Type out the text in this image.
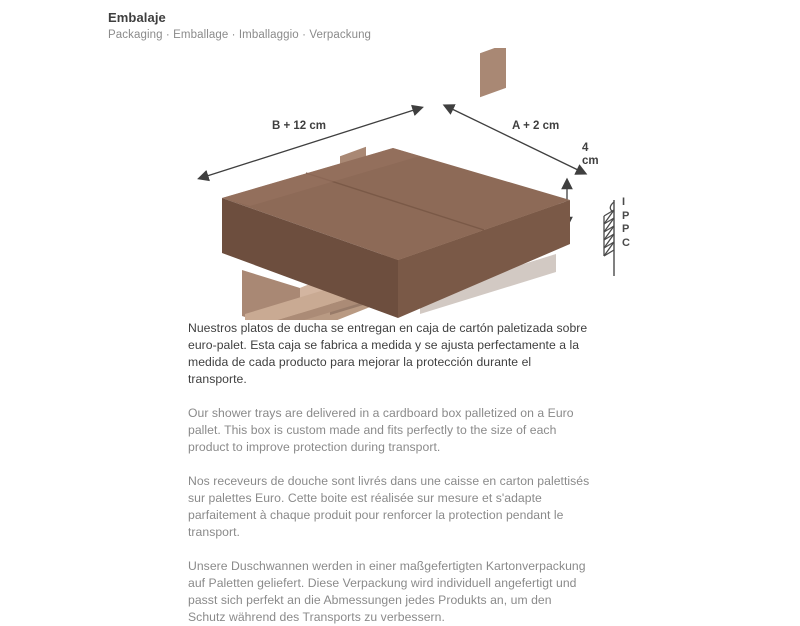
Embalaje
Packaging · Emballage · Imballaggio · Verpackung
B + 12 cm	A + 2 cm
4
cm
I
P
P
C

Nuestros platos de ducha se entregan en caja de cartón paletizada sobre euro-palet. Esta caja se fabrica a medida y se ajusta perfectamente a la medida de cada producto para mejorar la protección durante el transporte.

Our shower trays are delivered in a cardboard box palletized on a Euro pallet. This box is custom made and fits perfectly to the size of each product to improve protection during transport.

Nos receveurs de douche sont livrés dans une caisse en carton palettisés sur palettes Euro. Cette boite est réalisée sur mesure et s'adapte parfaitement à chaque produit pour renforcer la protection pendant le transport.

Unsere Duschwannen werden in einer maßgefertigten Kartonverpackung auf Paletten geliefert. Diese Verpackung wird individuell angefertigt und passt sich perfekt an die Abmessungen jedes Produkts an, um den Schutz während des Transports zu verbessern.
